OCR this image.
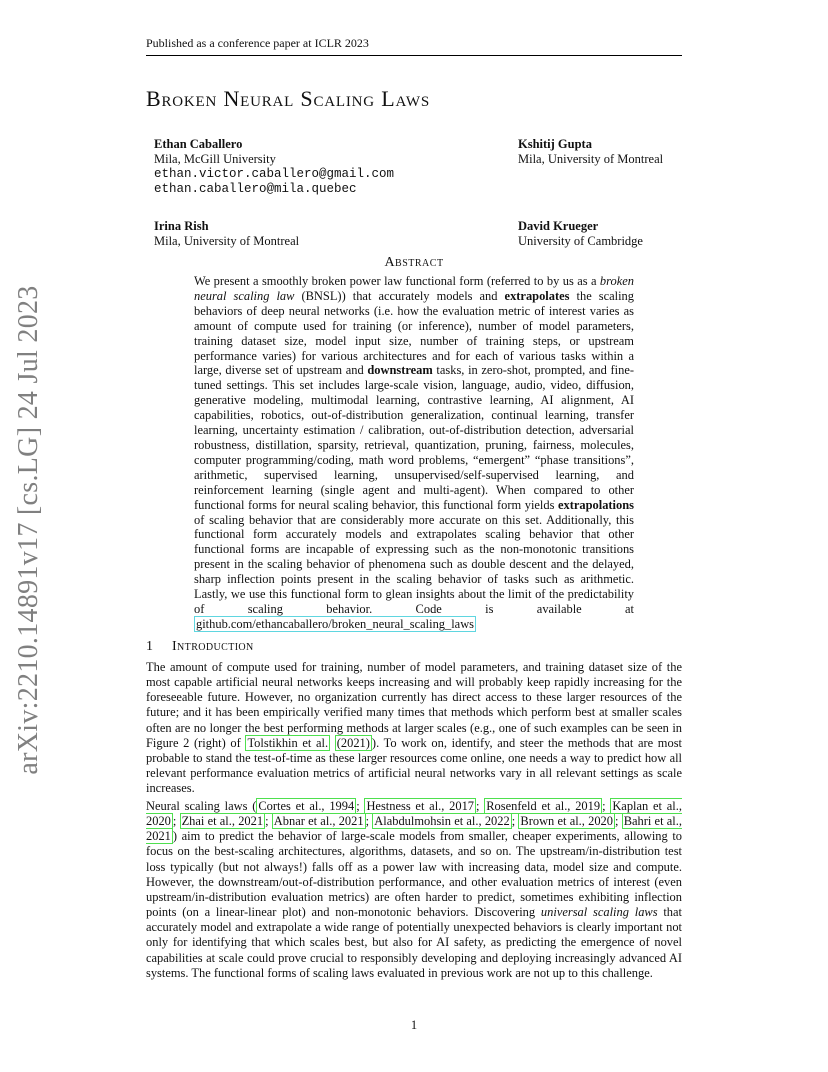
Published as a conference paper at ICLR 2023
arXiv:2210.14891v17 [cs.LG] 24 Jul 2023
Broken Neural Scaling Laws
Ethan Caballero
Mila, McGill University
ethan.victor.caballero@gmail.com
ethan.caballero@mila.quebec
Kshitij Gupta
Mila, University of Montreal
Irina Rish
Mila, University of Montreal
David Krueger
University of Cambridge
Abstract
We present a smoothly broken power law functional form (referred to by us as a broken neural scaling law (BNSL)) that accurately models and extrapolates the scaling behaviors of deep neural networks (i.e. how the evaluation metric of interest varies as amount of compute used for training (or inference), number of model parameters, training dataset size, model input size, number of training steps, or upstream performance varies) for various architectures and for each of various tasks within a large, diverse set of upstream and downstream tasks, in zero-shot, prompted, and fine-tuned settings. This set includes large-scale vision, language, audio, video, diffusion, generative modeling, multimodal learning, contrastive learning, AI alignment, AI capabilities, robotics, out-of-distribution generalization, continual learning, transfer learning, uncertainty estimation / calibration, out-of-distribution detection, adversarial robustness, distillation, sparsity, retrieval, quantization, pruning, fairness, molecules, computer programming/coding, math word problems, “emergent” “phase transitions”, arithmetic, supervised learning, unsupervised/self-supervised learning, and reinforcement learning (single agent and multi-agent). When compared to other functional forms for neural scaling behavior, this functional form yields extrapolations of scaling behavior that are considerably more accurate on this set. Additionally, this functional form accurately models and extrapolates scaling behavior that other functional forms are incapable of expressing such as the non-monotonic transitions present in the scaling behavior of phenomena such as double descent and the delayed, sharp inflection points present in the scaling behavior of tasks such as arithmetic. Lastly, we use this functional form to glean insights about the limit of the predictability of scaling behavior. Code is available at github.com/ethancaballero/broken_neural_scaling_laws
1 Introduction
The amount of compute used for training, number of model parameters, and training dataset size of the most capable artificial neural networks keeps increasing and will probably keep rapidly increasing for the foreseeable future. However, no organization currently has direct access to these larger resources of the future; and it has been empirically verified many times that methods which perform best at smaller scales often are no longer the best performing methods at larger scales (e.g., one of such examples can be seen in Figure 2 (right) of Tolstikhin et al. (2021) ). To work on, identify, and steer the methods that are most probable to stand the test-of-time as these larger resources come online, one needs a way to predict how all relevant performance evaluation metrics of artificial neural networks vary in all relevant settings as scale increases.
Neural scaling laws ( Cortes et al., 1994 ; Hestness et al., 2017 ; Rosenfeld et al., 2019 ; Kaplan et al., 2020 ; Zhai et al., 2021 ; Abnar et al., 2021 ; Alabdulmohsin et al., 2022 ; Brown et al., 2020 ; Bahri et al., 2021 ) aim to predict the behavior of large-scale models from smaller, cheaper experiments, allowing to focus on the best-scaling architectures, algorithms, datasets, and so on. The upstream/in-distribution test loss typically (but not always!) falls off as a power law with increasing data, model size and compute. However, the downstream/out-of-distribution performance, and other evaluation metrics of interest (even upstream/in-distribution evaluation metrics) are often harder to predict, sometimes exhibiting inflection points (on a linear-linear plot) and non-monotonic behaviors. Discovering universal scaling laws that accurately model and extrapolate a wide range of potentially unexpected behaviors is clearly important not only for identifying that which scales best, but also for AI safety, as predicting the emergence of novel capabilities at scale could prove crucial to responsibly developing and deploying increasingly advanced AI systems. The functional forms of scaling laws evaluated in previous work are not up to this challenge.
1
